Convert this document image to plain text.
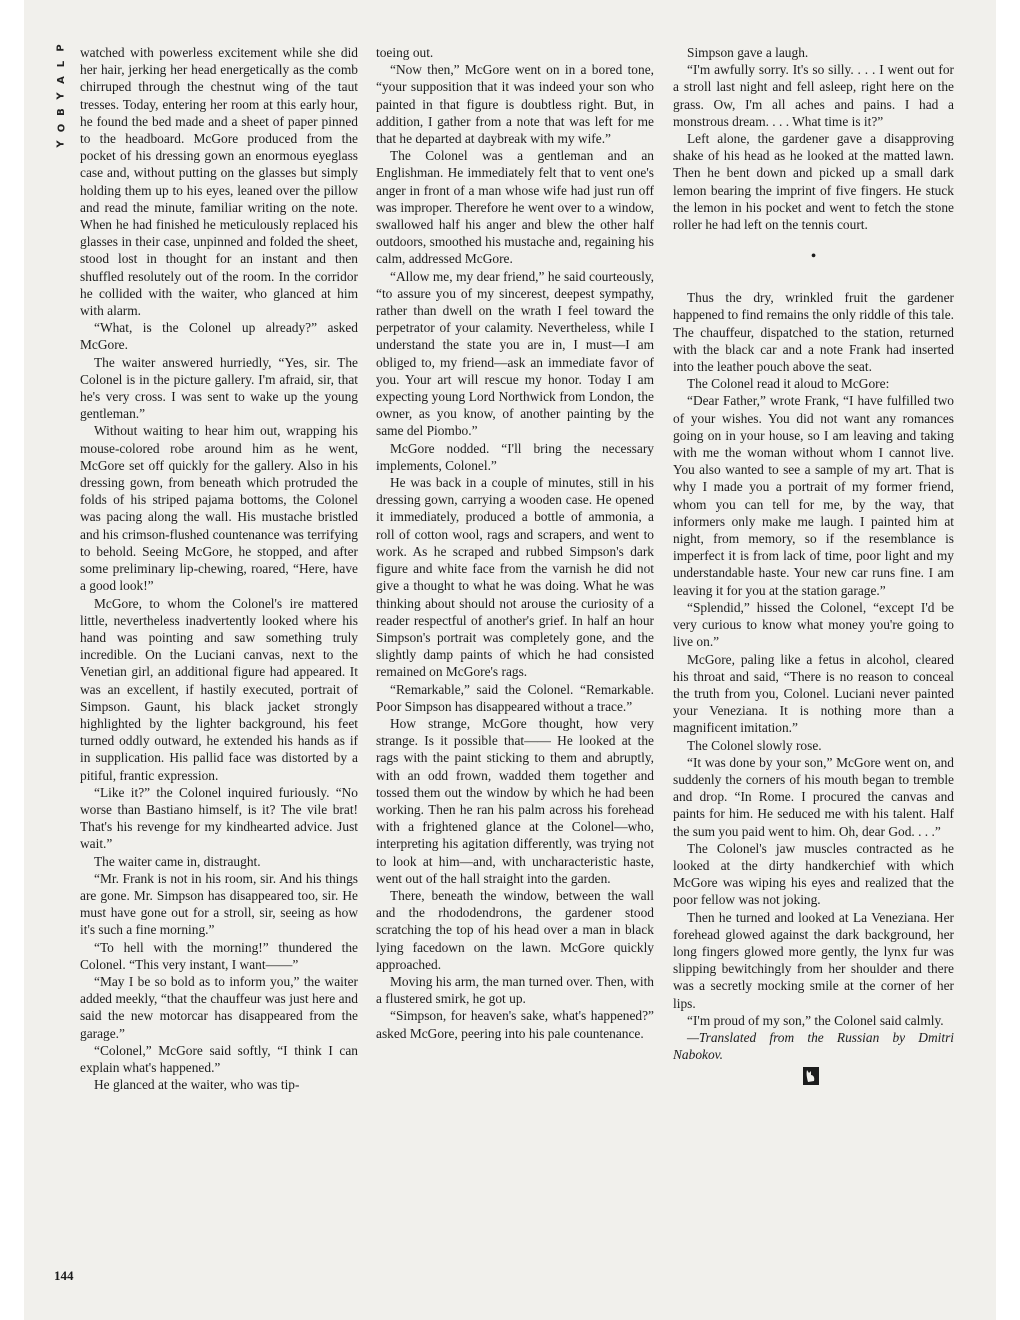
P
L
A
Y
B
O
Y

watched with powerless excitement while she did her hair, jerking her head energetically as the comb chirruped through the chestnut wing of the taut tresses. Today, entering her room at this early hour, he found the bed made and a sheet of paper pinned to the headboard. McGore produced from the pocket of his dressing gown an enormous eyeglass case and, without putting on the glasses but simply holding them up to his eyes, leaned over the pillow and read the minute, familiar writing on the note. When he had finished he meticulously replaced his glasses in their case, unpinned and folded the sheet, stood lost in thought for an instant and then shuffled resolutely out of the room. In the corridor he collided with the waiter, who glanced at him with alarm.

“What, is the Colonel up already?” asked McGore.

The waiter answered hurriedly, “Yes, sir. The Colonel is in the picture gallery. I'm afraid, sir, that he's very cross. I was sent to wake up the young gentleman.”

Without waiting to hear him out, wrapping his mouse-colored robe around him as he went, McGore set off quickly for the gallery. Also in his dressing gown, from beneath which protruded the folds of his striped pajama bottoms, the Colonel was pacing along the wall. His mustache bristled and his crimson-flushed countenance was terrifying to behold. Seeing McGore, he stopped, and after some preliminary lip-chewing, roared, “Here, have a good look!”

McGore, to whom the Colonel's ire mattered little, nevertheless inadvertently looked where his hand was pointing and saw something truly incredible. On the Luciani canvas, next to the Venetian girl, an additional figure had appeared. It was an excellent, if hastily executed, portrait of Simpson. Gaunt, his black jacket strongly highlighted by the lighter background, his feet turned oddly outward, he extended his hands as if in supplication. His pallid face was distorted by a pitiful, frantic expression.

“Like it?” the Colonel inquired furiously. “No worse than Bastiano himself, is it? The vile brat! That's his revenge for my kindhearted advice. Just wait.”

The waiter came in, distraught.

“Mr. Frank is not in his room, sir. And his things are gone. Mr. Simpson has disappeared too, sir. He must have gone out for a stroll, sir, seeing as how it's such a fine morning.”

“To hell with the morning!” thundered the Colonel. “This very instant, I want——”

“May I be so bold as to inform you,” the waiter added meekly, “that the chauffeur was just here and said the new motorcar has disappeared from the garage.”

“Colonel,” McGore said softly, “I think I can explain what's happened.”

He glanced at the waiter, who was tip-

toeing out.

“Now then,” McGore went on in a bored tone, “your supposition that it was indeed your son who painted in that figure is doubtless right. But, in addition, I gather from a note that was left for me that he departed at daybreak with my wife.”

The Colonel was a gentleman and an Englishman. He immediately felt that to vent one's anger in front of a man whose wife had just run off was improper. Therefore he went over to a window, swallowed half his anger and blew the other half outdoors, smoothed his mustache and, regaining his calm, addressed McGore.

“Allow me, my dear friend,” he said courteously, “to assure you of my sincerest, deepest sympathy, rather than dwell on the wrath I feel toward the perpetrator of your calamity. Nevertheless, while I understand the state you are in, I must—I am obliged to, my friend—ask an immediate favor of you. Your art will rescue my honor. Today I am expecting young Lord Northwick from London, the owner, as you know, of another painting by the same del Piombo.”

McGore nodded. “I'll bring the necessary implements, Colonel.”

He was back in a couple of minutes, still in his dressing gown, carrying a wooden case. He opened it immediately, produced a bottle of ammonia, a roll of cotton wool, rags and scrapers, and went to work. As he scraped and rubbed Simpson's dark figure and white face from the varnish he did not give a thought to what he was doing. What he was thinking about should not arouse the curiosity of a reader respectful of another's grief. In half an hour Simpson's portrait was completely gone, and the slightly damp paints of which he had consisted remained on McGore's rags.

“Remarkable,” said the Colonel. “Remarkable. Poor Simpson has disappeared without a trace.”

How strange, McGore thought, how very strange. Is it possible that—— He looked at the rags with the paint sticking to them and abruptly, with an odd frown, wadded them together and tossed them out the window by which he had been working. Then he ran his palm across his forehead with a frightened glance at the Colonel—who, interpreting his agitation differently, was trying not to look at him—and, with uncharacteristic haste, went out of the hall straight into the garden.

There, beneath the window, between the wall and the rhododendrons, the gardener stood scratching the top of his head over a man in black lying facedown on the lawn. McGore quickly approached.

Moving his arm, the man turned over. Then, with a flustered smirk, he got up.

“Simpson, for heaven's sake, what's happened?” asked McGore, peering into his pale countenance.

Simpson gave a laugh.

“I'm awfully sorry. It's so silly. . . . I went out for a stroll last night and fell asleep, right here on the grass. Ow, I'm all aches and pains. I had a monstrous dream. . . . What time is it?”

Left alone, the gardener gave a disapproving shake of his head as he looked at the matted lawn. Then he bent down and picked up a small dark lemon bearing the imprint of five fingers. He stuck the lemon in his pocket and went to fetch the stone roller he had left on the tennis court.

•

Thus the dry, wrinkled fruit the gardener happened to find remains the only riddle of this tale. The chauffeur, dispatched to the station, returned with the black car and a note Frank had inserted into the leather pouch above the seat.

The Colonel read it aloud to McGore:

“Dear Father,” wrote Frank, “I have fulfilled two of your wishes. You did not want any romances going on in your house, so I am leaving and taking with me the woman without whom I cannot live. You also wanted to see a sample of my art. That is why I made you a portrait of my former friend, whom you can tell for me, by the way, that informers only make me laugh. I painted him at night, from memory, so if the resemblance is imperfect it is from lack of time, poor light and my understandable haste. Your new car runs fine. I am leaving it for you at the station garage.”

“Splendid,” hissed the Colonel, “except I'd be very curious to know what money you're going to live on.”

McGore, paling like a fetus in alcohol, cleared his throat and said, “There is no reason to conceal the truth from you, Colonel. Luciani never painted your Veneziana. It is nothing more than a magnificent imitation.”

The Colonel slowly rose.

“It was done by your son,” McGore went on, and suddenly the corners of his mouth began to tremble and drop. “In Rome. I procured the canvas and paints for him. He seduced me with his talent. Half the sum you paid went to him. Oh, dear God. . . .”

The Colonel's jaw muscles contracted as he looked at the dirty handkerchief with which McGore was wiping his eyes and realized that the poor fellow was not joking.

Then he turned and looked at La Veneziana. Her forehead glowed against the dark background, her long fingers glowed more gently, the lynx fur was slipping bewitchingly from her shoulder and there was a secretly mocking smile at the corner of her lips.

“I'm proud of my son,” the Colonel said calmly.

—Translated from the Russian by Dmitri Nabokov.

144
